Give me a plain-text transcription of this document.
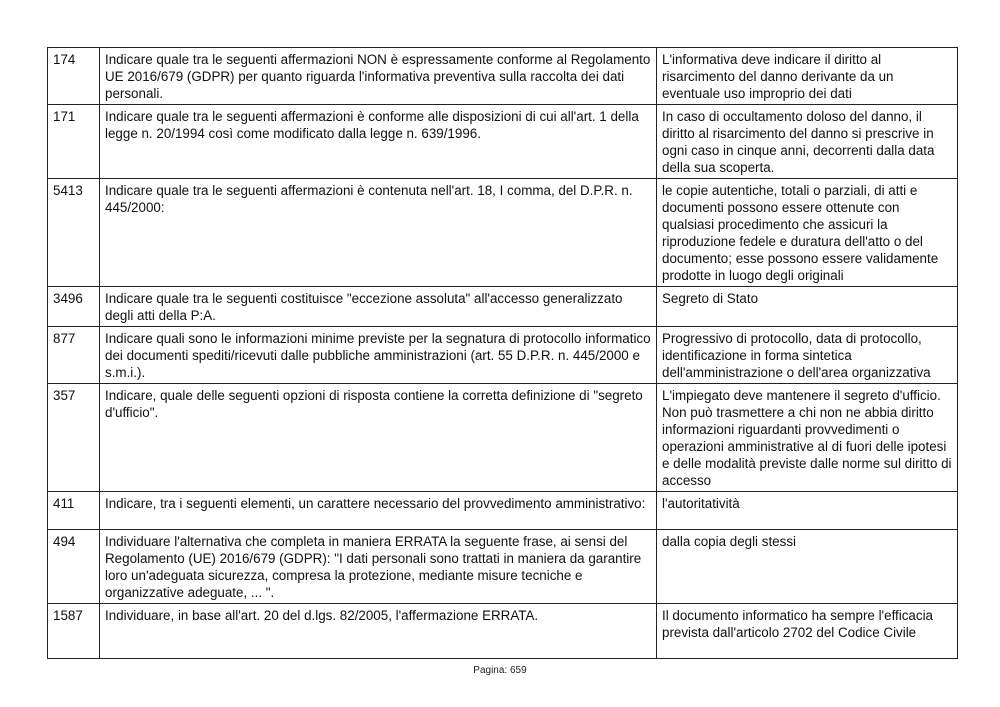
174	Indicare quale tra le seguenti affermazioni NON è espressamente conforme al Regolamento UE 2016/679 (GDPR) per quanto riguarda l'informativa preventiva sulla raccolta dei dati personali.	L'informativa deve indicare il diritto al risarcimento del danno derivante da un eventuale uso improprio dei dati
171	Indicare quale tra le seguenti affermazioni è conforme alle disposizioni di cui all'art. 1 della legge n. 20/1994 così come modificato dalla legge n. 639/1996.	In caso di occultamento doloso del danno, il diritto al risarcimento del danno si prescrive in ogni caso in cinque anni, decorrenti dalla data della sua scoperta.
5413	Indicare quale tra le seguenti affermazioni è contenuta nell'art. 18, I comma, del D.P.R. n. 445/2000:	le copie autentiche, totali o parziali, di atti e documenti possono essere ottenute con qualsiasi procedimento che assicuri la riproduzione fedele e duratura dell'atto o del documento; esse possono essere validamente prodotte in luogo degli originali
3496	Indicare quale tra le seguenti costituisce "eccezione assoluta" all'accesso generalizzato degli atti della P:A.	Segreto di Stato
877	Indicare quali sono le informazioni minime previste per la segnatura di protocollo informatico dei documenti spediti/ricevuti dalle pubbliche amministrazioni (art. 55 D.P.R. n. 445/2000 e s.m.i.).	Progressivo di protocollo, data di protocollo, identificazione in forma sintetica dell'amministrazione o dell'area organizzativa
357	Indicare, quale delle seguenti opzioni di risposta contiene la corretta definizione di "segreto d'ufficio".	L'impiegato deve mantenere il segreto d'ufficio. Non può trasmettere a chi non ne abbia diritto informazioni riguardanti provvedimenti o operazioni amministrative al di fuori delle ipotesi e delle modalità previste dalle norme sul diritto di accesso
411	Indicare, tra i seguenti elementi, un carattere necessario del provvedimento amministrativo:	l'autoritatività
494	Individuare l'alternativa che completa in maniera ERRATA la seguente frase, ai sensi del Regolamento (UE) 2016/679 (GDPR): "I dati personali sono trattati in maniera da garantire loro un'adeguata sicurezza, compresa la protezione, mediante misure tecniche e organizzative adeguate, ... ".	dalla copia degli stessi
1587	Individuare, in base all'art. 20 del d.lgs. 82/2005, l'affermazione ERRATA.	Il documento informatico ha sempre l'efficacia prevista dall'articolo 2702 del Codice Civile
Pagina: 659
